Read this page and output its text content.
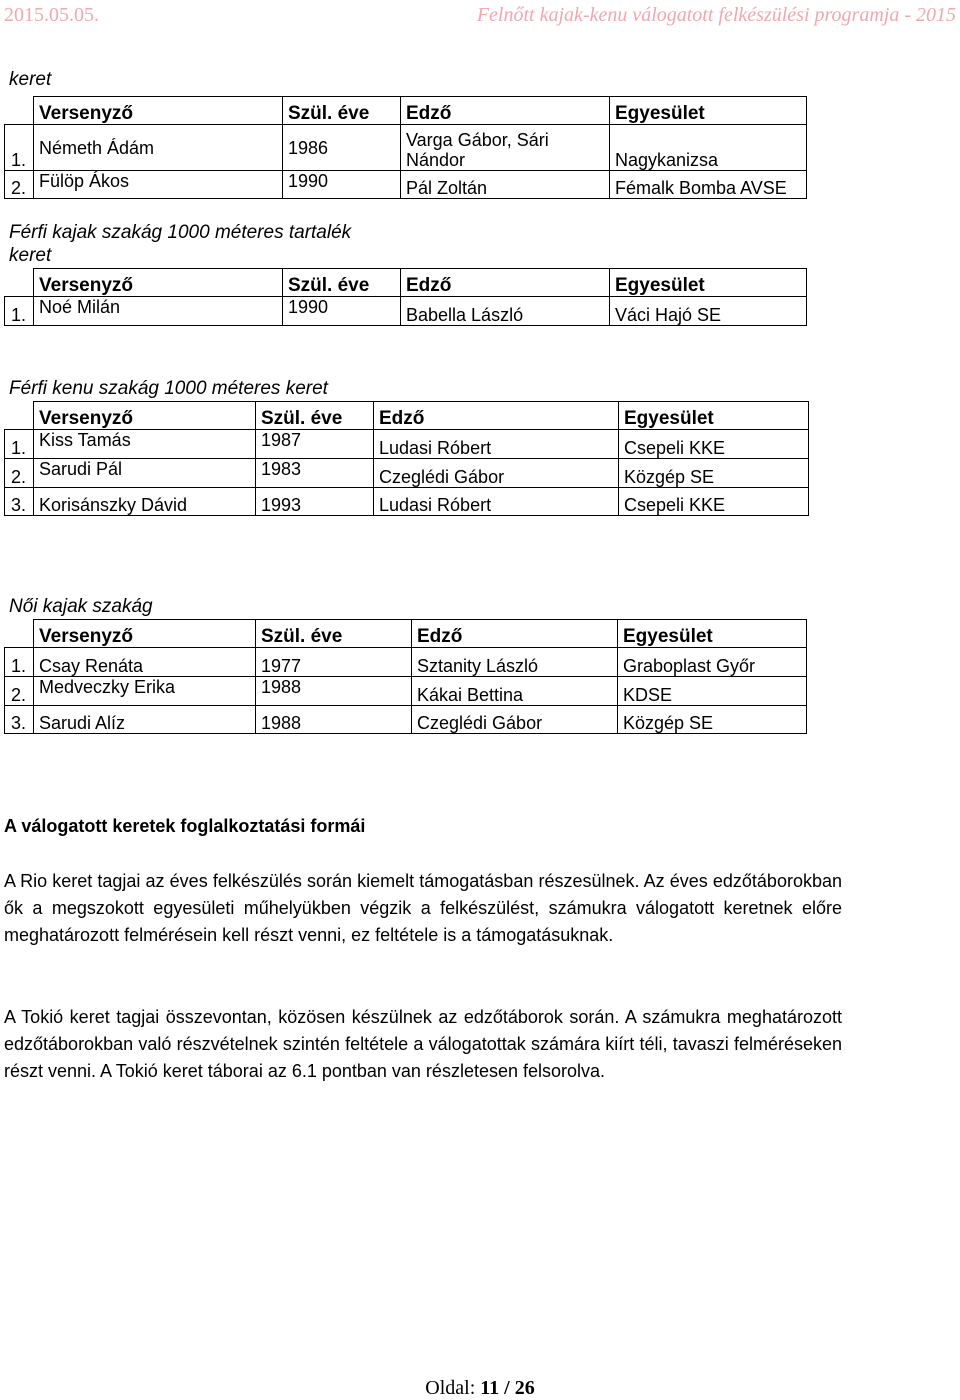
2015.05.05.	Felnőtt kajak-kenu válogatott felkészülési programja - 2015
keret
	Versenyző	Szül. éve	Edző	Egyesület
1.	Németh Ádám	1986	Varga Gábor, Sári Nándor	Nagykanizsa
2.	Fülöp Ákos	1990	Pál Zoltán	Fémalk Bomba AVSE
Férfi kajak szakág 1000 méteres tartalék keret
	Versenyző	Szül. éve	Edző	Egyesület
1.	Noé Milán	1990	Babella László	Váci Hajó SE
Férfi kenu szakág 1000 méteres keret
	Versenyző	Szül. éve	Edző	Egyesület
1.	Kiss Tamás	1987	Ludasi Róbert	Csepeli KKE
2.	Sarudi Pál	1983	Czeglédi Gábor	Közgép SE
3.	Korisánszky Dávid	1993	Ludasi Róbert	Csepeli KKE
Női kajak szakág
	Versenyző	Szül. éve	Edző	Egyesület
1.	Csay Renáta	1977	Sztanity László	Graboplast Győr
2.	Medveczky Erika	1988	Kákai Bettina	KDSE
3.	Sarudi Alíz	1988	Czeglédi Gábor	Közgép SE
A válogatott keretek foglalkoztatási formái

A Rio keret tagjai az éves felkészülés során kiemelt támogatásban részesülnek. Az éves edzőtáborokban ők a megszokott egyesületi műhelyükben végzik a felkészülést, számukra válogatott keretnek előre meghatározott felmérésein kell részt venni, ez feltétele is a támogatásuknak.

A Tokió keret tagjai összevontan, közösen készülnek az edzőtáborok során. A számukra meghatározott edzőtáborokban való részvételnek szintén feltétele a válogatottak számára kiírt téli, tavaszi felméréseken részt venni. A Tokió keret táborai az 6.1 pontban van részletesen felsorolva.

Oldal: 11 / 26
